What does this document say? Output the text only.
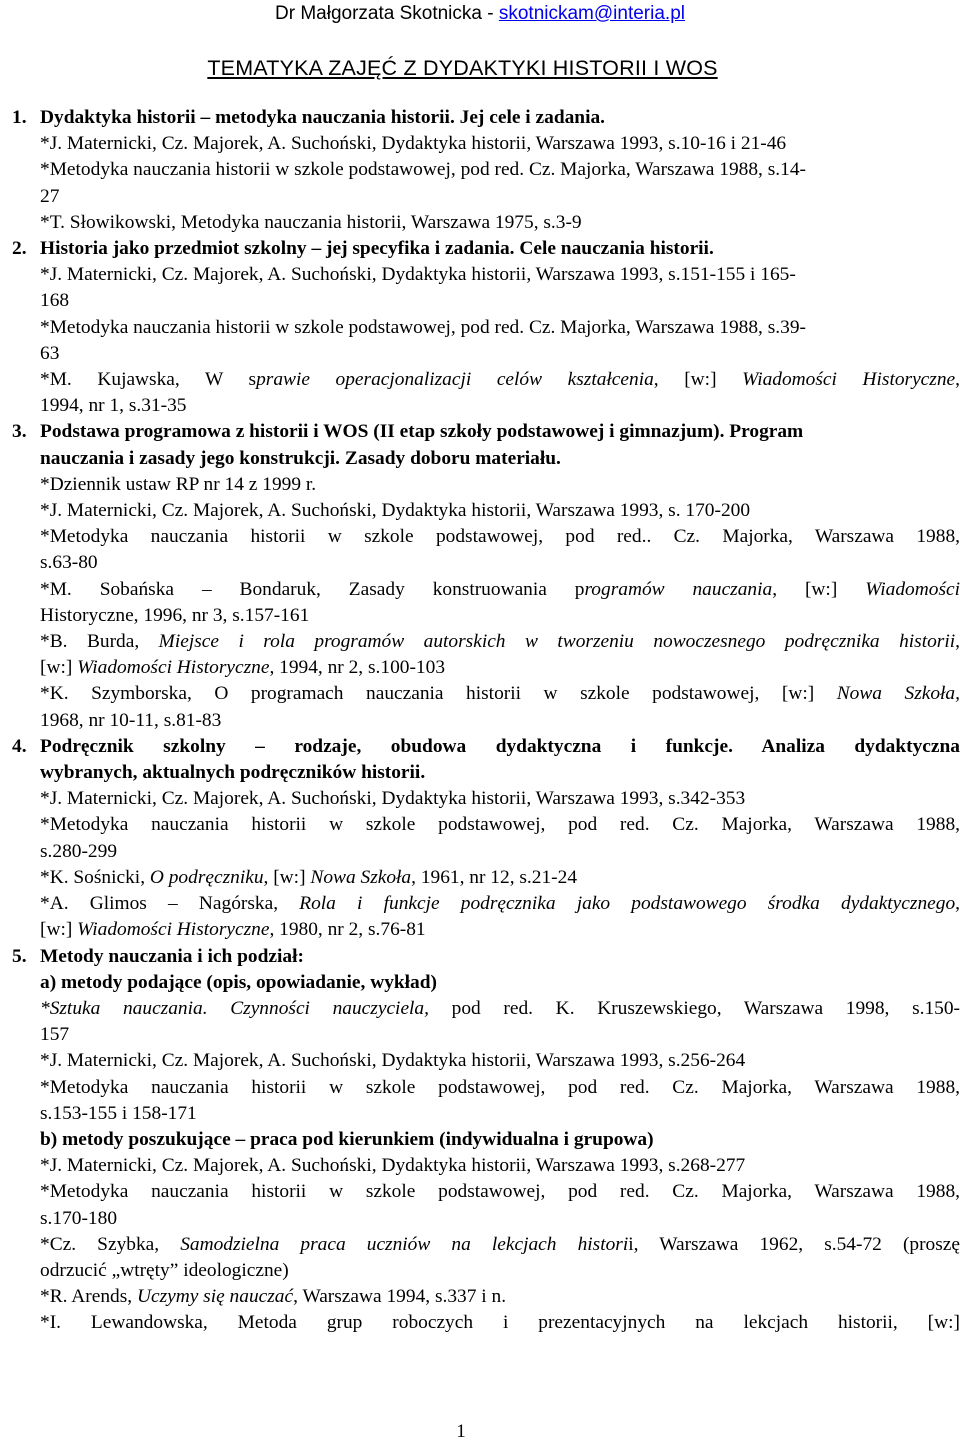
Dr Małgorzata Skotnicka - skotnickam@interia.pl
TEMATYKA ZAJĘĆ Z DYDAKTYKI HISTORII I WOS
1. Dydaktyka historii – metodyka nauczania historii. Jej cele i zadania.
*J. Maternicki, Cz. Majorek, A. Suchoński, Dydaktyka historii, Warszawa 1993, s.10-16 i 21-46
*Metodyka nauczania historii w szkole podstawowej, pod red. Cz. Majorka, Warszawa 1988, s.14-
27
*T. Słowikowski, Metodyka nauczania historii, Warszawa 1975, s.3-9
2. Historia jako przedmiot szkolny – jej specyfika i zadania. Cele nauczania historii.
*J. Maternicki, Cz. Majorek, A. Suchoński, Dydaktyka historii, Warszawa 1993, s.151-155 i 165-
168
*Metodyka nauczania historii w szkole podstawowej, pod red. Cz. Majorka, Warszawa 1988, s.39-
63
*M. Kujawska, W sprawie operacjonalizacji celów kształcenia, [w:] Wiadomości Historyczne,
1994, nr 1, s.31-35
3. Podstawa programowa z historii i WOS (II etap szkoły podstawowej i gimnazjum). Program
nauczania i zasady jego konstrukcji. Zasady doboru materiału.
*Dziennik ustaw RP nr 14 z 1999 r.
*J. Maternicki, Cz. Majorek, A. Suchoński, Dydaktyka historii, Warszawa 1993, s. 170-200
*Metodyka nauczania historii w szkole podstawowej, pod red.. Cz. Majorka, Warszawa 1988,
s.63-80
*M. Sobańska – Bondaruk, Zasady konstruowania programów nauczania, [w:] Wiadomości
Historyczne, 1996, nr 3, s.157-161
*B. Burda, Miejsce i rola programów autorskich w tworzeniu nowoczesnego podręcznika historii,
[w:] Wiadomości Historyczne, 1994, nr 2, s.100-103
*K. Szymborska, O programach nauczania historii w szkole podstawowej, [w:] Nowa Szkoła,
1968, nr 10-11, s.81-83
4. Podręcznik szkolny – rodzaje, obudowa dydaktyczna i funkcje. Analiza dydaktyczna
wybranych, aktualnych podręczników historii.
*J. Maternicki, Cz. Majorek, A. Suchoński, Dydaktyka historii, Warszawa 1993, s.342-353
*Metodyka nauczania historii w szkole podstawowej, pod red. Cz. Majorka, Warszawa 1988,
s.280-299
*K. Sośnicki, O podręczniku, [w:] Nowa Szkoła, 1961, nr 12, s.21-24
*A. Glimos – Nagórska, Rola i funkcje podręcznika jako podstawowego środka dydaktycznego,
[w:] Wiadomości Historyczne, 1980, nr 2, s.76-81
5. Metody nauczania i ich podział:
a) metody podające (opis, opowiadanie, wykład)
*Sztuka nauczania. Czynności nauczyciela, pod red. K. Kruszewskiego, Warszawa 1998, s.150-
157
*J. Maternicki, Cz. Majorek, A. Suchoński, Dydaktyka historii, Warszawa 1993, s.256-264
*Metodyka nauczania historii w szkole podstawowej, pod red. Cz. Majorka, Warszawa 1988,
s.153-155 i 158-171
b) metody poszukujące – praca pod kierunkiem (indywidualna i grupowa)
*J. Maternicki, Cz. Majorek, A. Suchoński, Dydaktyka historii, Warszawa 1993, s.268-277
*Metodyka nauczania historii w szkole podstawowej, pod red. Cz. Majorka, Warszawa 1988,
s.170-180
*Cz. Szybka, Samodzielna praca uczniów na lekcjach historii, Warszawa 1962, s.54-72 (proszę
odrzucić „wtręty” ideologiczne)
*R. Arends, Uczymy się nauczać, Warszawa 1994, s.337 i n.
*I. Lewandowska, Metoda grup roboczych i prezentacyjnych na lekcjach historii, [w:]
1
